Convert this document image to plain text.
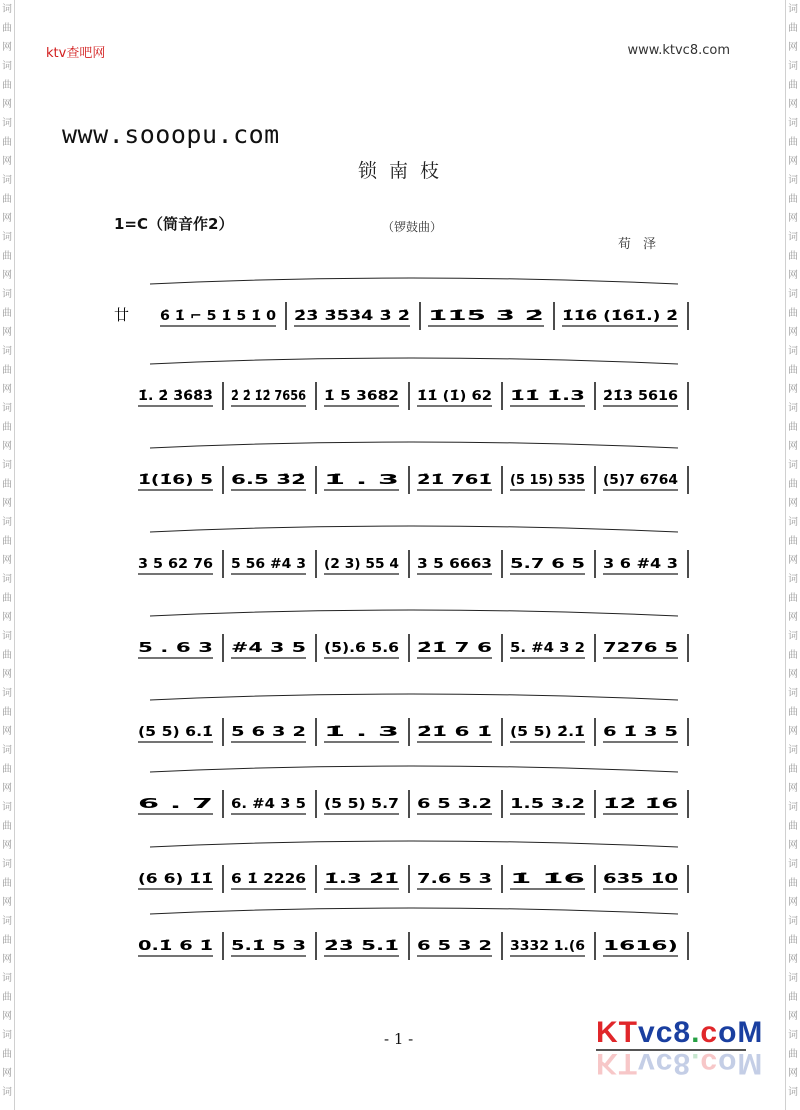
词
曲
网
词
曲
网
词
曲
网
词
曲
网
词
曲
网
词
曲
网
词
曲
网
词
曲
网
词
曲
网
词
曲
网
词
曲
网
词
曲
网
词
曲
网
词
曲
网
词
曲
网
词
曲
网
词
曲
网
词
曲
网
词
曲
网
词
词
曲
网
词
曲
网
词
曲
网
词
曲
网
词
曲
网
词
曲
网
词
曲
网
词
曲
网
词
曲
网
词
曲
网
词
曲
网
词
曲
网
词
曲
网
词
曲
网
词
曲
网
词
曲
网
词
曲
网
词
曲
网
词
曲
网
词
ktv查吧网	www.ktvc8.com
www.sooopu.com
锁南枝
1=C（筒音作2）	（锣鼓曲）
荀泽
廿 6̇ 1̇ ⌐ 5 1̇ 5 1̇ 0 2̇3̇ 3̇5̇3̇4̇ 3̇ 2̇ 1̇1̇5̇ 3̇ 2̇ 1̇1̇6̇ (1̇6̇1̇.) 2̇
1̇. 2̇ 3̇6̇8̇3̇ 2̇ 2̇ 1̇2̇ 7656 1̇ 5 3682 1̇1̇ (1̇) 62 1̇1̇ 1̇.3 2̇1̇3 5616
1̇(1̇6) 5 6.5 3̇2̇ 1̇ . 3 2̇1̇ 761̇ (5 15) 535 (5)7 6764
3 5 62 76 5 56 #4 3 (2 3) 55 4 3 5 6663 5.7 6 5 3 6 #4 3
5 . 6 3 #4 3 5 (5).6 5.6 2̇1̇ 7 6 5. #4 3 2 7276 5
(5 5) 6.1̇ 5 6 3 2 1̇ . 3 2̇1̇ 6 1̇ (5 5) 2̇.1̇ 6 1̇ 3 5
6 . 7 6. #4 3 5 (5 5) 5.7 6 5 3.2 1.5 3.2 1̇2̇ 1̇6
(6 6) 1̇1̇ 6 1̇ 2226 1̇.3 2̇1̇ 7.6 5 3 1̇ 1̇6 635 1̇0
0.1̇ 6 1̇ 5.1̇ 5 3 2̇3̇ 5.1̇ 6 5 3 2 3332 1.(6 1616)
- 1 -	KTvc8.coM
KTvc8.coM
